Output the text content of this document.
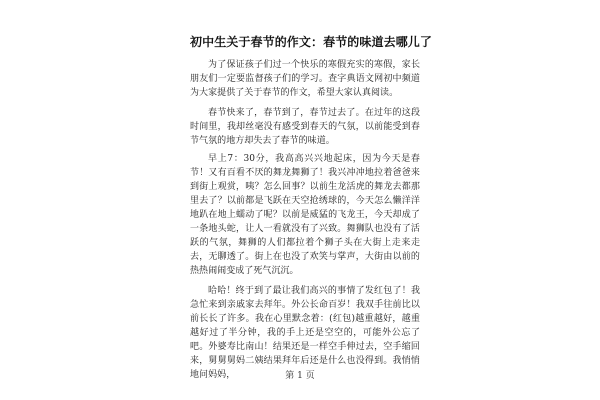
初中生关于春节的作文：春节的味道去哪儿了

为了保证孩子们过一个快乐的寒假充实的寒假，家长朋友们一定要监督孩子们的学习。查字典语文网初中频道为大家提供了关于春节的作文，希望大家认真阅读。

春节快来了，春节到了，春节过去了。在过年的这段时间里，我却丝毫没有感受到春天的气氛，以前能受到春节气氛的地方却失去了春节的味道。

早上7：30分，我高高兴兴地起床，因为今天是春节！又有百看不厌的舞龙舞狮了！我兴冲冲地拉着爸爸来到街上观赏，咦？怎么回事？以前生龙活虎的舞龙去都那里去了？以前都是飞跃在天空抢绣球的，今天怎么懒洋洋地趴在地上蠕动了呢？以前是威猛的飞龙王，今天却成了一条地头蛇，让人一看就没有了兴致。舞狮队也没有了活跃的气氛，舞狮的人们都拉着个狮子头在大街上走来走去，无聊透了。街上在也没了欢笑与掌声，大街由以前的热热闹闹变成了死气沉沉。

哈哈！终于到了最让我们高兴的事情了发红包了！我急忙来到亲戚家去拜年。外公长命百岁！我双手往前比以前长长了许多。我在心里默念着：(红包)越重越好，越重越好过了半分钟，我的手上还是空空的，可能外公忘了吧。外婆寿比南山！结果还是一样空手伸过去，空手缩回来，舅舅舅妈二姨结果拜年后还是什么也没得到。我悄悄地问妈妈，	第 1 页
